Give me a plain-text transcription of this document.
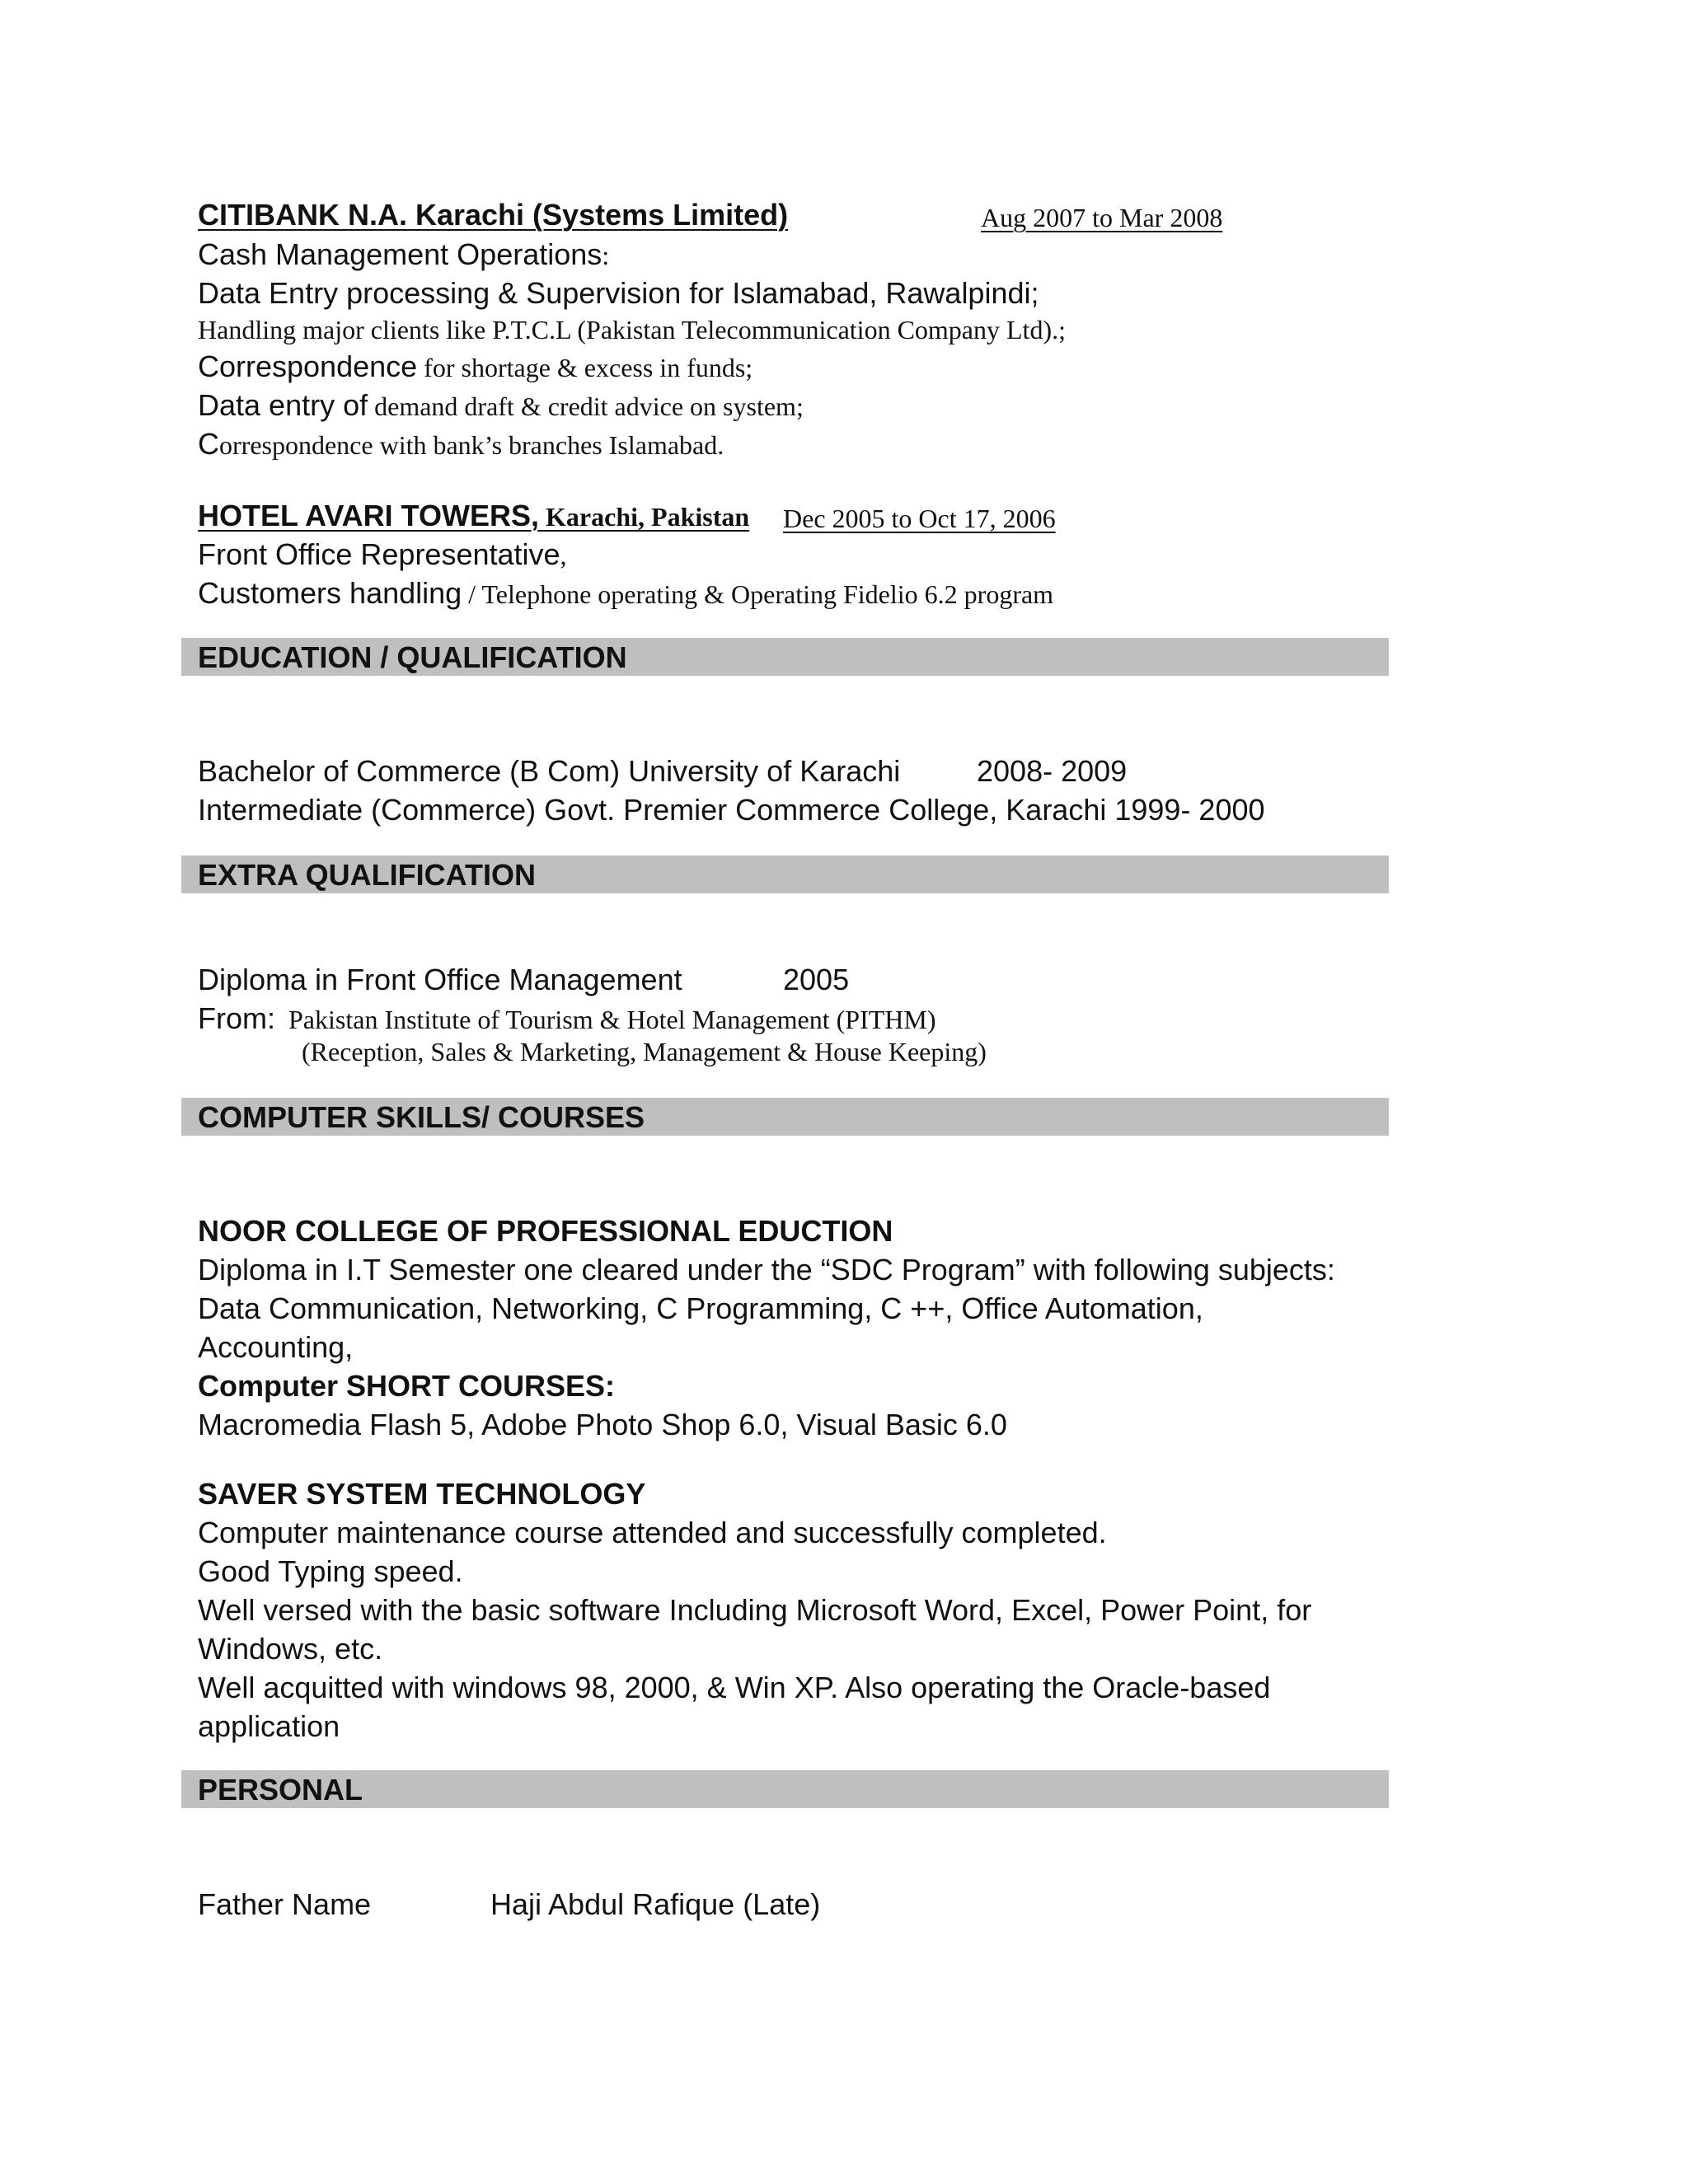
CITIBANK N.A. Karachi (Systems Limited)	Aug 2007 to Mar 2008
Cash Management Operations:
Data Entry processing & Supervision for Islamabad, Rawalpindi;
Handling major clients like P.T.C.L (Pakistan Telecommunication Company Ltd).;
Correspondence for shortage & excess in funds;
Data entry of demand draft & credit advice on system;
Correspondence with bank’s branches Islamabad.
HOTEL AVARI TOWERS, Karachi, Pakistan Dec 2005 to Oct 17, 2006
Front Office Representative,
Customers handling / Telephone operating & Operating Fidelio 6.2 program
EDUCATION / QUALIFICATION
Bachelor of Commerce (B Com) University of Karachi	2008- 2009
Intermediate (Commerce) Govt. Premier Commerce College, Karachi 1999- 2000
EXTRA QUALIFICATION
Diploma in Front Office Management	2005
From: Pakistan Institute of Tourism & Hotel Management (PITHM)
(Reception, Sales & Marketing, Management & House Keeping)
COMPUTER SKILLS/ COURSES
NOOR COLLEGE OF PROFESSIONAL EDUCTION
Diploma in I.T Semester one cleared under the “SDC Program” with following subjects:
Data Communication, Networking, C Programming, C ++, Office Automation,
Accounting,
Computer SHORT COURSES:
Macromedia Flash 5, Adobe Photo Shop 6.0, Visual Basic 6.0
SAVER SYSTEM TECHNOLOGY
Computer maintenance course attended and successfully completed.
Good Typing speed.
Well versed with the basic software Including Microsoft Word, Excel, Power Point, for
Windows, etc.
Well acquitted with windows 98, 2000, & Win XP. Also operating the Oracle-based
application
PERSONAL
Father Name	Haji Abdul Rafique (Late)
